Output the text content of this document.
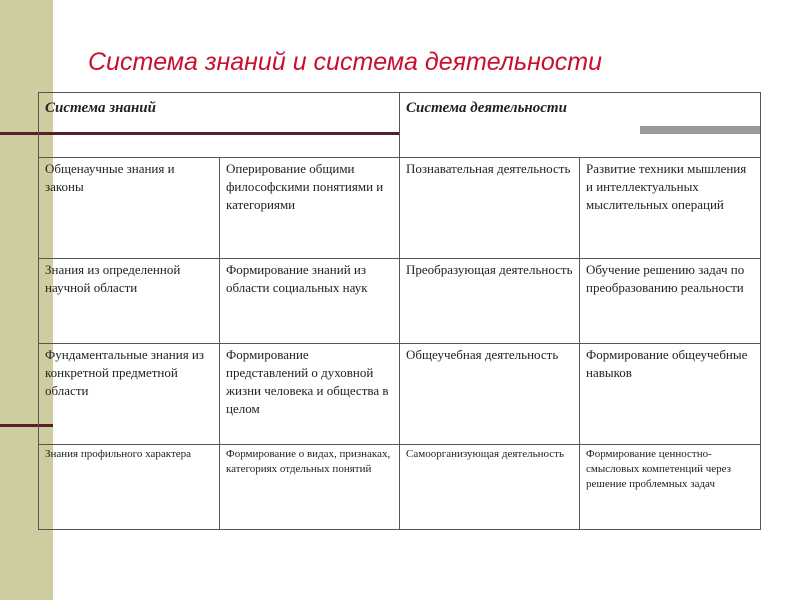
Система знаний и система деятельности
Система знаний		Система деятельности	
Общенаучные знания и законы	Оперирование общими философскими понятиями и категориями	Познавательная деятельность	Развитие техники мышления и интеллектуальных мыслительных операций
Знания из определенной научной области	Формирование знаний из области социальных наук	Преобразующая деятельность	Обучение решению задач по преобразованию реальности
Фундаментальные знания из конкретной предметной области	Формирование представлений о духовной жизни человека и общества в целом	Общеучебная деятельность	Формирование общеучебные навыков
Знания профильного характера	Формирование о видах, признаках, категориях отдельных понятий	Самоорганизующая деятельность	Формирование ценностно-смысловых компетенций через решение проблемных задач
